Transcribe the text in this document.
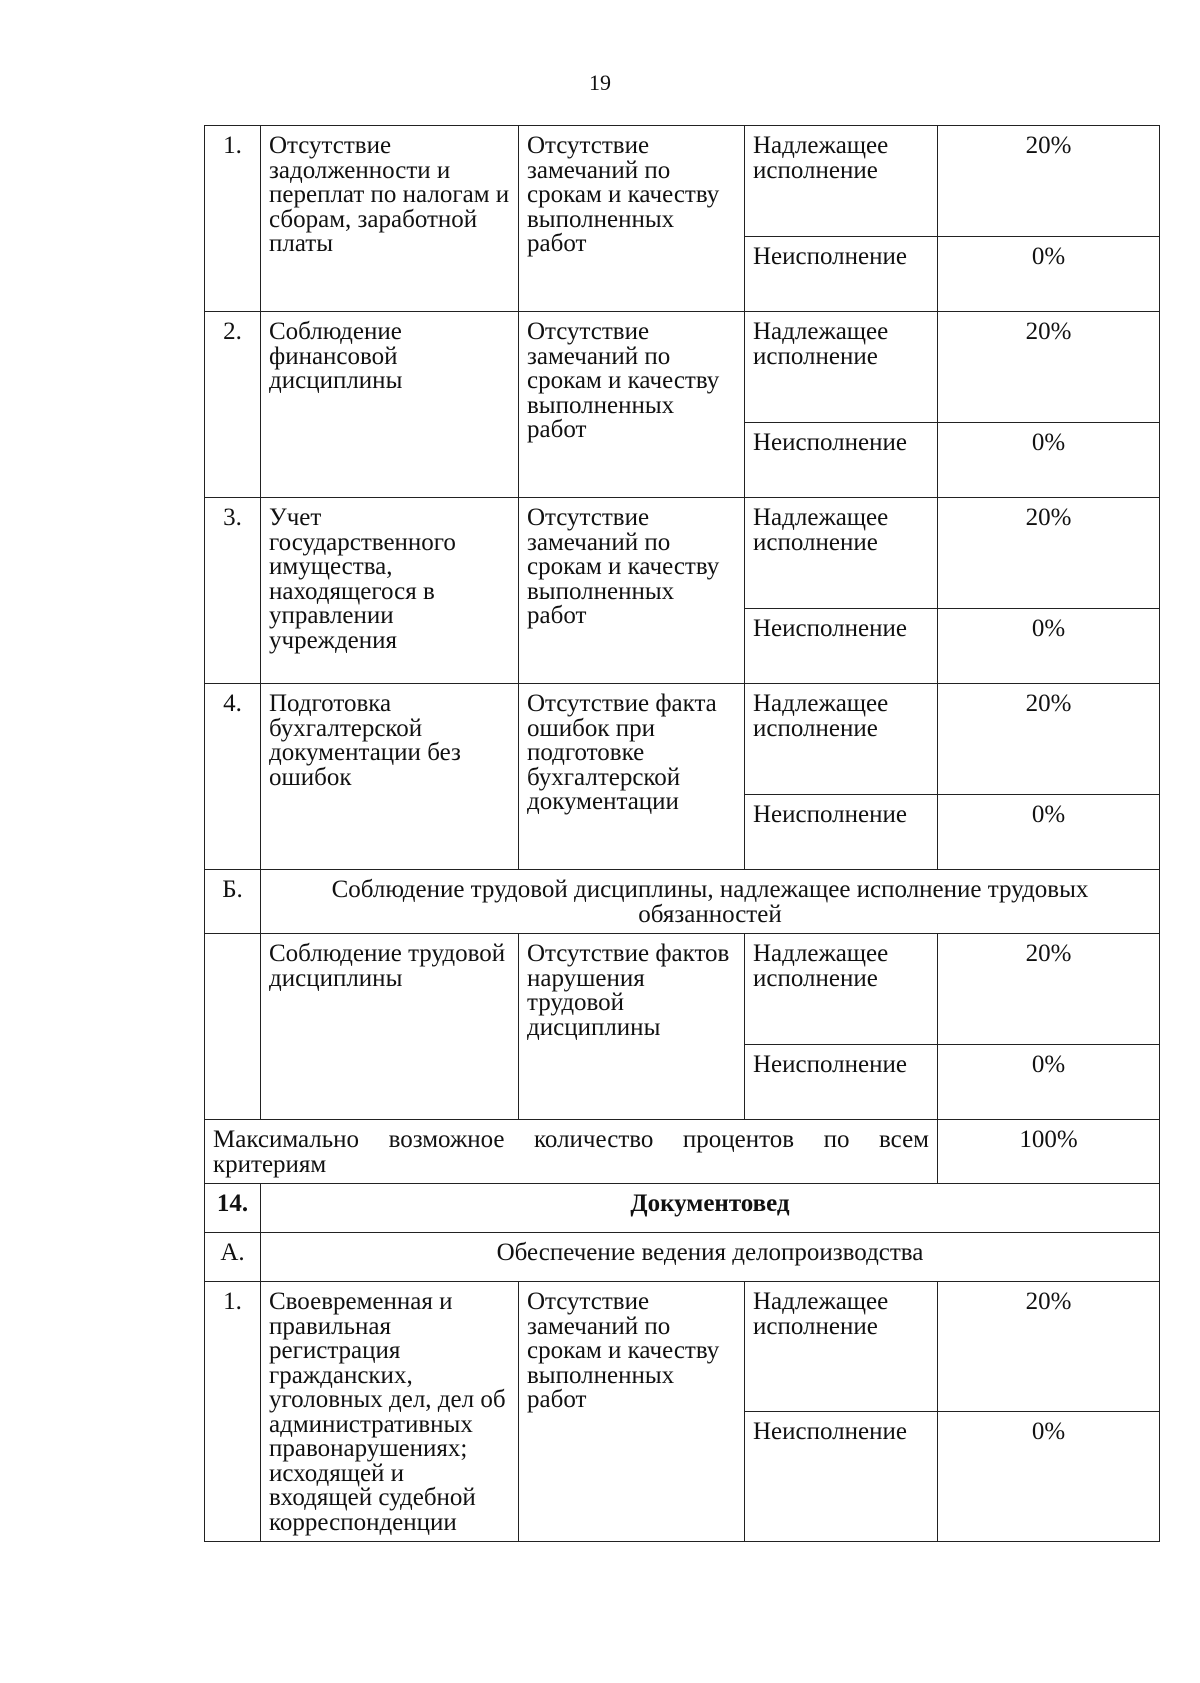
19
1.	Отсутствие задолженности и переплат по налогам и сборам, заработной платы	Отсутствие замечаний по срокам и качеству выполненных работ	Надлежащее исполнение	20%
			Неисполнение	0%
2.	Соблюдение финансовой дисциплины	Отсутствие замечаний по срокам и качеству выполненных работ	Надлежащее исполнение	20%
			Неисполнение	0%
3.	Учет государственного имущества, находящегося в управлении учреждения	Отсутствие замечаний по срокам и качеству выполненных работ	Надлежащее исполнение	20%
			Неисполнение	0%
4.	Подготовка бухгалтерской документации без ошибок	Отсутствие факта ошибок при подготовке бухгалтерской документации	Надлежащее исполнение	20%
			Неисполнение	0%
Б.	Соблюдение трудовой дисциплины, надлежащее исполнение трудовых обязанностей			
	Соблюдение трудовой дисциплины	Отсутствие фактов нарушения трудовой дисциплины	Надлежащее исполнение	20%
			Неисполнение	0%
Максимально возможное количество процентов по всем критериям				100%
14.	Документовед			
А.	Обеспечение ведения делопроизводства			
1.	Своевременная и правильная регистрация гражданских, уголовных дел, дел об административных правонарушениях; исходящей и входящей судебной корреспонденции	Отсутствие замечаний по срокам и качеству выполненных работ	Надлежащее исполнение	20%
			Неисполнение	0%
